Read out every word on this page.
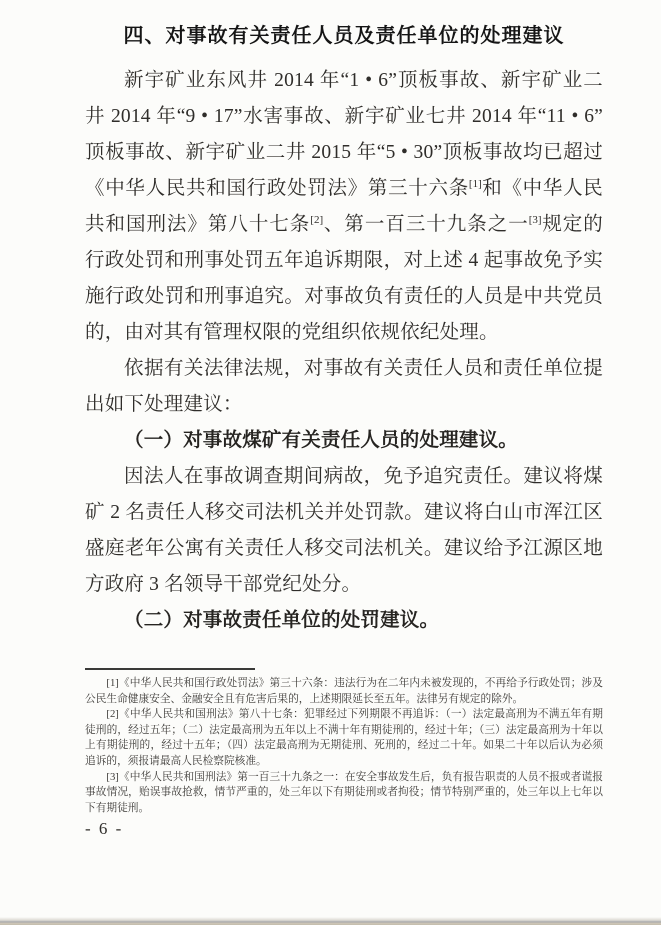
四、对事故有关责任人员及责任单位的处理建议

新宇矿业东风井 2014 年“1 • 6”顶板事故、新宇矿业二井 2014 年“9 • 17”水害事故、新宇矿业七井 2014 年“11 • 6”顶板事故、新宇矿业二井 2015 年“5 • 30”顶板事故均已超过《中华人民共和国行政处罚法》第三十六条[1]和《中华人民共和国刑法》第八十七条[2]、第一百三十九条之一[3]规定的行政处罚和刑事处罚五年追诉期限，对上述 4 起事故免予实施行政处罚和刑事追究。对事故负有责任的人员是中共党员的，由对其有管理权限的党组织依规依纪处理。

依据有关法律法规，对事故有关责任人员和责任单位提出如下处理建议：

（一）对事故煤矿有关责任人员的处理建议。

因法人在事故调查期间病故，免予追究责任。建议将煤矿 2 名责任人移交司法机关并处罚款。建议将白山市浑江区盛庭老年公寓有关责任人移交司法机关。建议给予江源区地方政府 3 名领导干部党纪处分。

（二）对事故责任单位的处罚建议。

[1]《中华人民共和国行政处罚法》第三十六条：违法行为在二年内未被发现的，不再给予行政处罚；涉及公民生命健康安全、金融安全且有危害后果的，上述期限延长至五年。法律另有规定的除外。

[2]《中华人民共和国刑法》第八十七条：犯罪经过下列期限不再追诉：（一）法定最高刑为不满五年有期徒刑的，经过五年；（二）法定最高刑为五年以上不满十年有期徒刑的，经过十年；（三）法定最高刑为十年以上有期徒刑的，经过十五年；（四）法定最高刑为无期徒刑、死刑的，经过二十年。如果二十年以后认为必须追诉的，须报请最高人民检察院核准。

[3]《中华人民共和国刑法》第一百三十九条之一：在安全事故发生后，负有报告职责的人员不报或者谎报事故情况，贻误事故抢救，情节严重的，处三年以下有期徒刑或者拘役；情节特别严重的，处三年以上七年以下有期徒刑。

- 6 -
